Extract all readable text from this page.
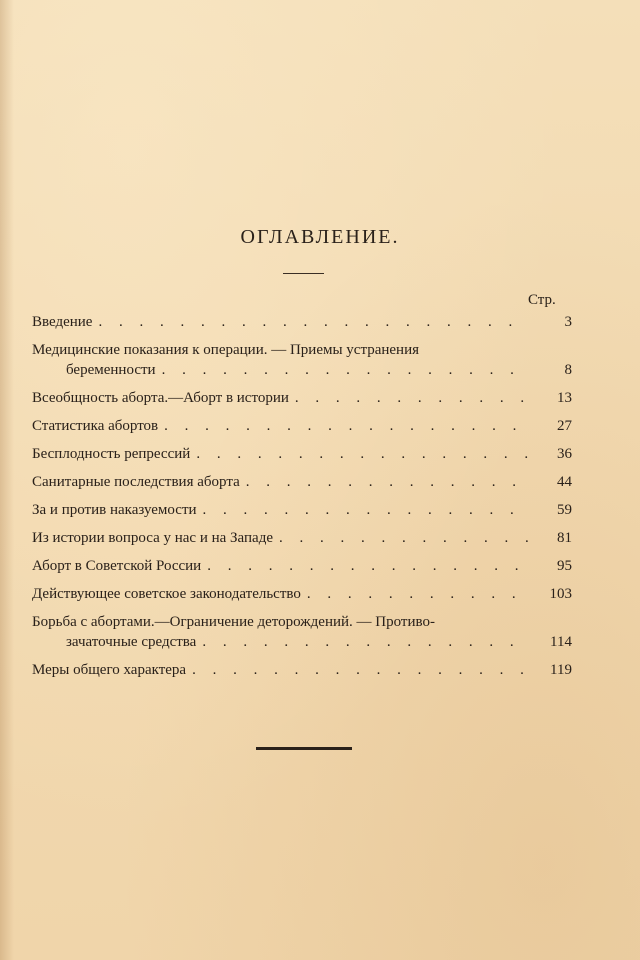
ОГЛАВЛЕНИЕ.
Стр.
Введение . . .	3
Медицинские показания к операции. — Приемы устранения
беременности . . .	8
Всеобщность аборта.—Аборт в истории . . .	13
Статистика абортов . . .	27
Бесплодность репрессий . . .	36
Санитарные последствия аборта . . .	44
За и против наказуемости . . .	59
Из истории вопроса у нас и на Западе . . .	81
Аборт в Советской России . . .	95
Действующее советское законодательство . . .	103
Борьба с абортами.—Ограничение деторождений. — Противо-
зачаточные средства . . .	114
Меры общего характера . . .	119
